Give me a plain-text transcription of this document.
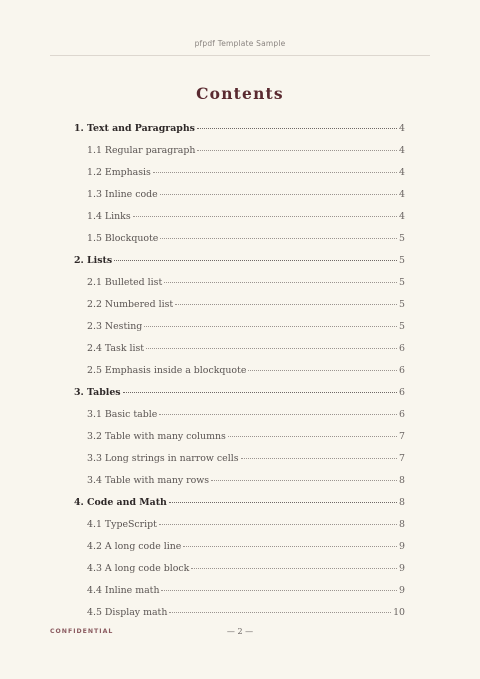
pfpdf Template Sample
Contents
1. Text and Paragraphs	4
1.1 Regular paragraph	4
1.2 Emphasis	4
1.3 Inline code	4
1.4 Links	4
1.5 Blockquote	5
2. Lists	5
2.1 Bulleted list	5
2.2 Numbered list	5
2.3 Nesting	5
2.4 Task list	6
2.5 Emphasis inside a blockquote	6
3. Tables	6
3.1 Basic table	6
3.2 Table with many columns	7
3.3 Long strings in narrow cells	7
3.4 Table with many rows	8
4. Code and Math	8
4.1 TypeScript	8
4.2 A long code line	9
4.3 A long code block	9
4.4 Inline math	9
4.5 Display math	10
CONFIDENTIAL	— 2 —
